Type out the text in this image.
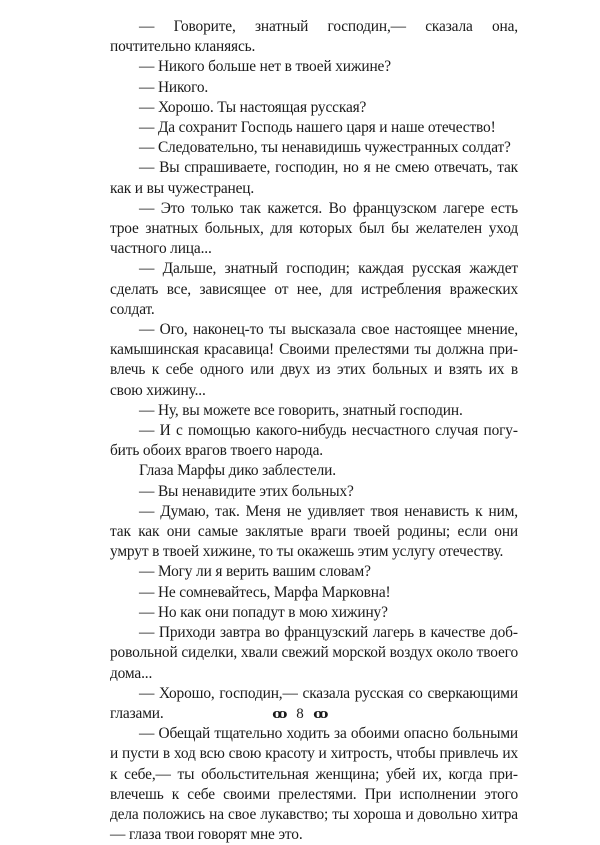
— Говорите, знатный господин,— сказала она, почтительно кланяясь.

— Никого больше нет в твоей хижине?

— Никого.

— Хорошо. Ты настоящая русская?

— Да сохранит Господь нашего царя и наше отечество!

— Следовательно, ты ненавидишь чужестранных солдат?

— Вы спрашиваете, господин, но я не смею отвечать, так как и вы чужестранец.

— Это только так кажется. Во французском лагере есть трое знатных больных, для которых был бы желателен уход частного лица...

— Дальше, знатный господин; каждая русская жаждет сделать все, зависящее от нее, для истребления вражеских солдат.

— Ого, наконец-то ты высказала свое настоящее мнение, камышинская красавица! Своими прелестями ты должна привлечь к себе одного или двух из этих больных и взять их в свою хижину...

— Ну, вы можете все говорить, знатный господин.

— И с помощью какого-нибудь несчастного случая погубить обоих врагов твоего народа.

Глаза Марфы дико заблестели.

— Вы ненавидите этих больных?

— Думаю, так. Меня не удивляет твоя ненависть к ним, так как они самые заклятые враги твоей родины; если они умрут в твоей хижине, то ты окажешь этим услугу отечеству.

— Могу ли я верить вашим словам?

— Не сомневайтесь, Марфа Марковна!

— Но как они попадут в мою хижину?

— Приходи завтра во французский лагерь в качестве добровольной сиделки, хвали свежий морской воздух около твоего дома...

— Хорошо, господин,— сказала русская со сверкающими глазами.

— Обещай тщательно ходить за обоими опасно больными и пусти в ход всю свою красоту и хитрость, чтобы привлечь их к себе,— ты обольстительная женщина; убей их, когда привлечешь к себе своими прелестями. При исполнении этого дела положись на свое лукавство; ты хороша и довольно хитра — глаза твои говорят мне это.

ꝏ 8 ꝏ
